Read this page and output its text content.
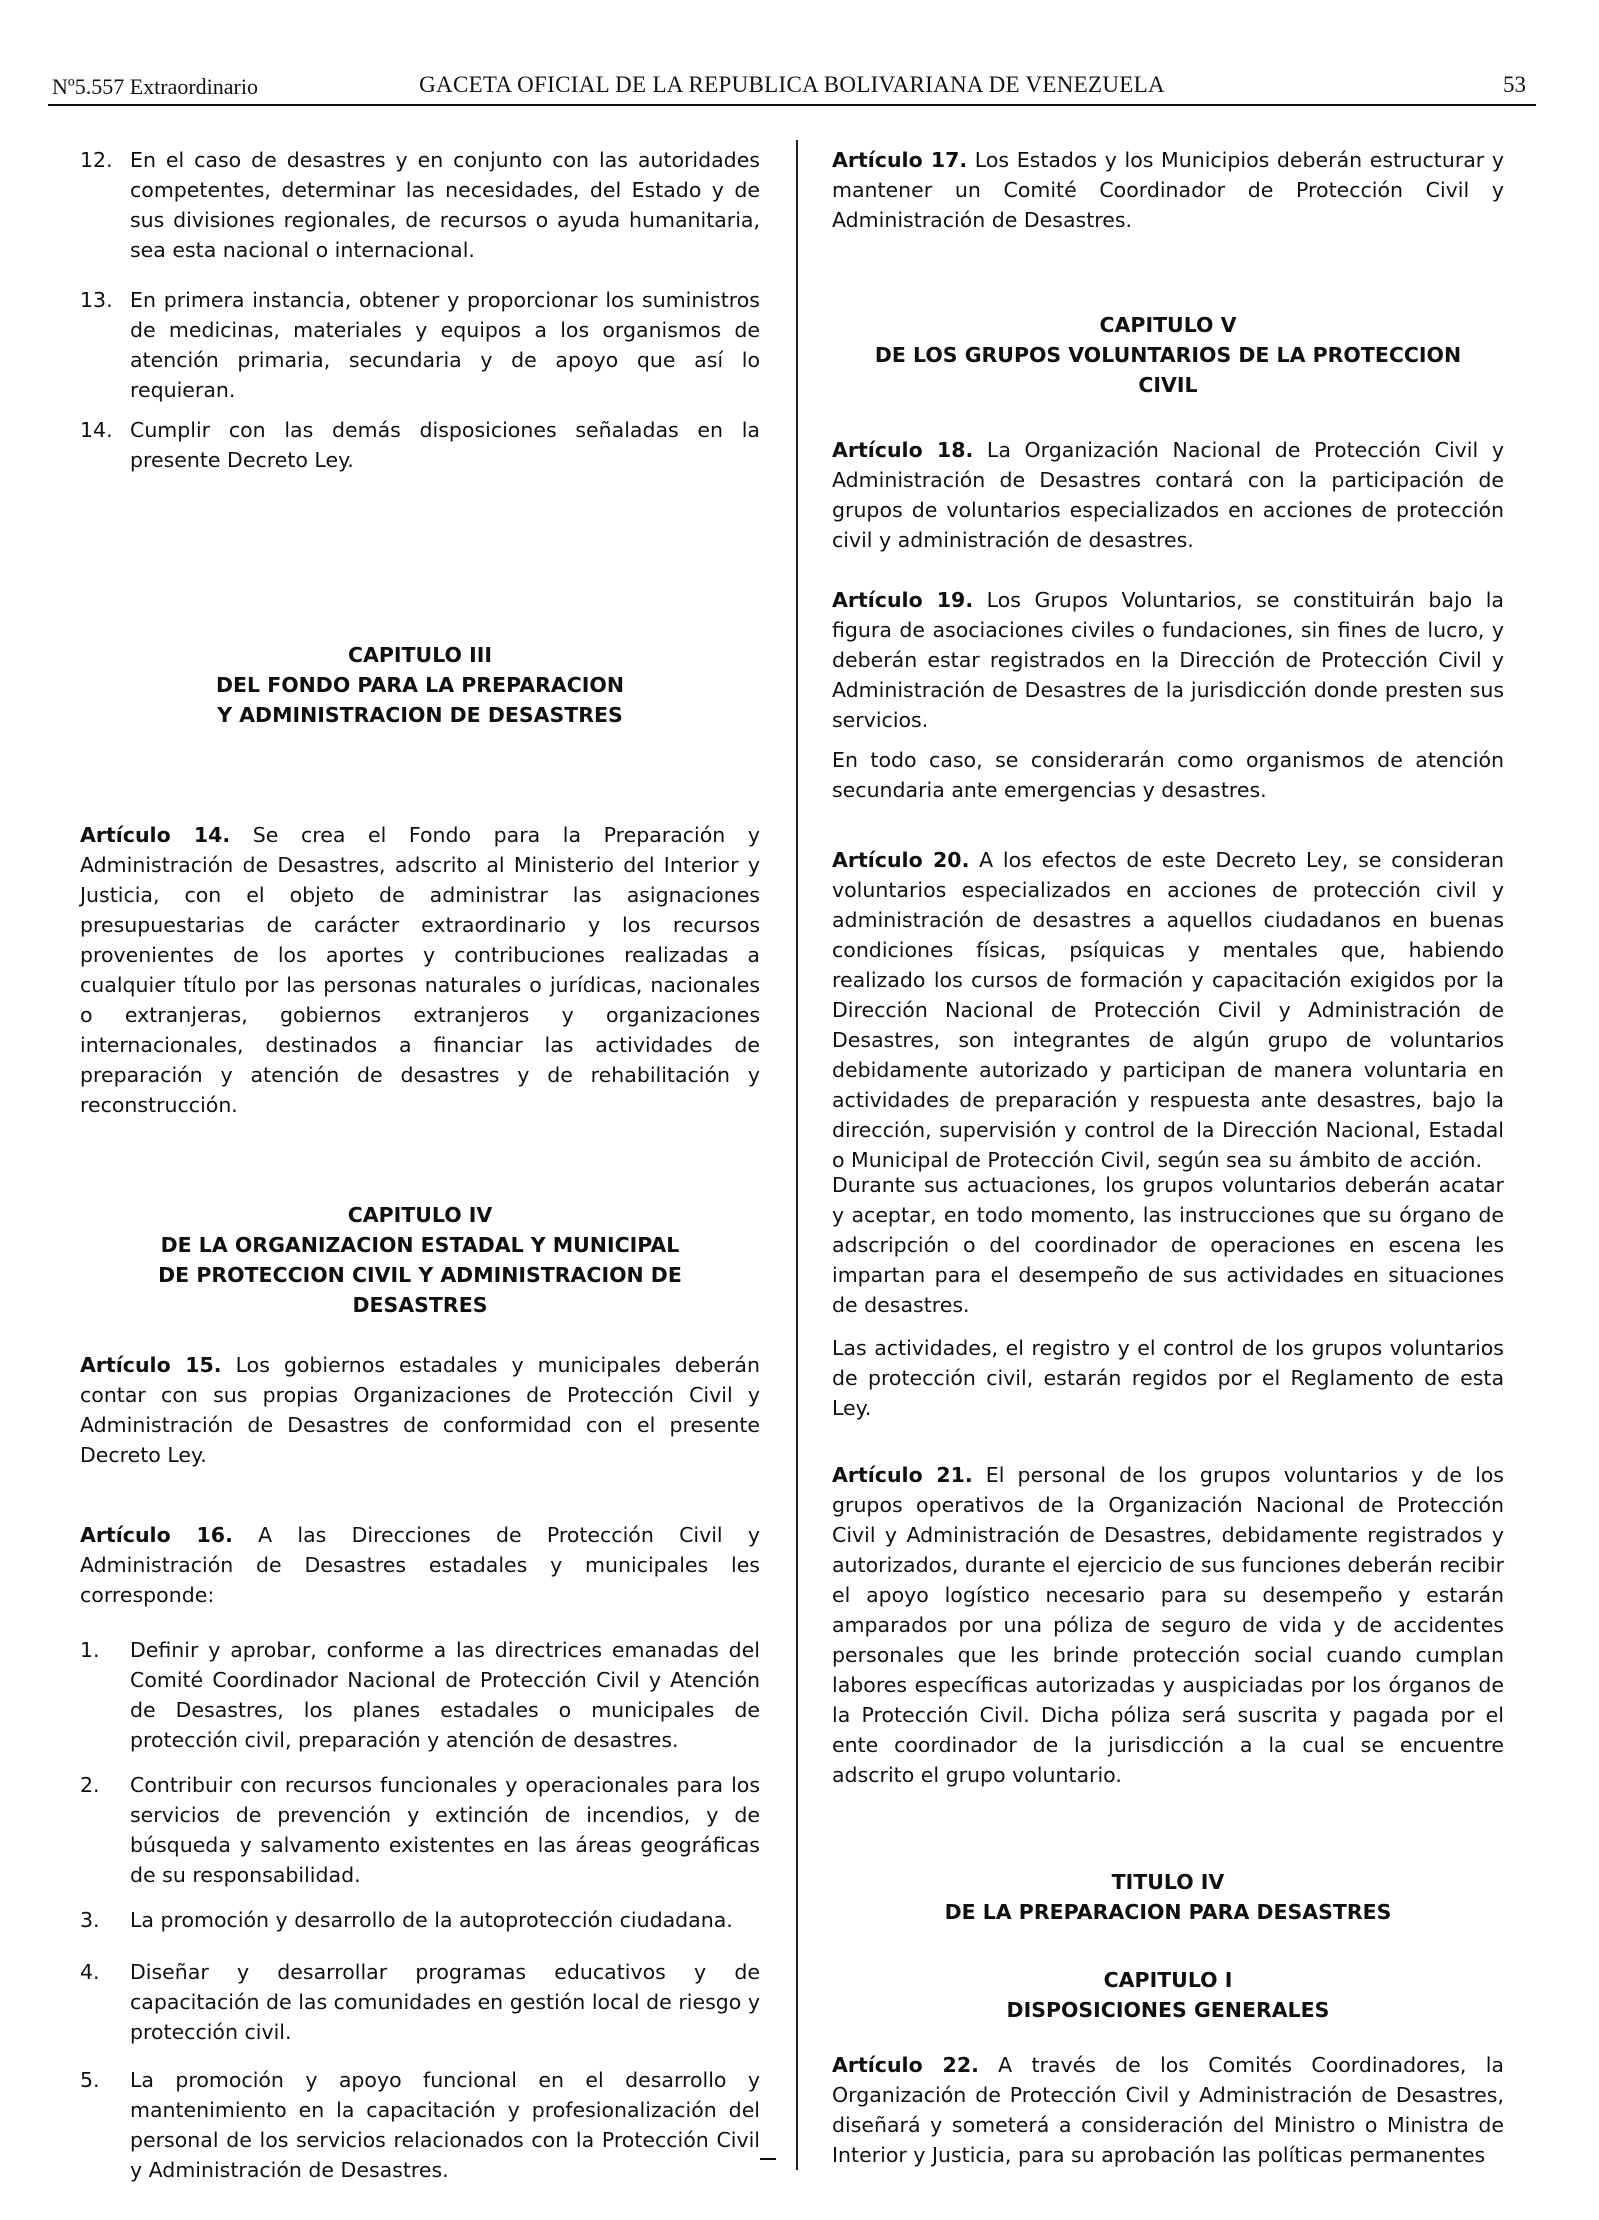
Nº5.557 Extraordinario	GACETA OFICIAL DE LA REPUBLICA BOLIVARIANA DE VENEZUELA	53
12. En el caso de desastres y en conjunto con las autoridades competentes, determinar las necesidades, del Estado y de sus divisiones regionales, de recursos o ayuda humanitaria, sea esta nacional o internacional.
13. En primera instancia, obtener y proporcionar los suministros de medicinas, materiales y equipos a los organismos de atención primaria, secundaria y de apoyo que así lo requieran.
14. Cumplir con las demás disposiciones señaladas en la presente Decreto Ley.
CAPITULO III
DEL FONDO PARA LA PREPARACION
Y ADMINISTRACION DE DESASTRES
Artículo 14. Se crea el Fondo para la Preparación y Administración de Desastres, adscrito al Ministerio del Interior y Justicia, con el objeto de administrar las asignaciones presupuestarias de carácter extraordinario y los recursos provenientes de los aportes y contribuciones realizadas a cualquier título por las personas naturales o jurídicas, nacionales o extranjeras, gobiernos extranjeros y organizaciones internacionales, destinados a financiar las actividades de preparación y atención de desastres y de rehabilitación y reconstrucción.
CAPITULO IV
DE LA ORGANIZACION ESTADAL Y MUNICIPAL
DE PROTECCION CIVIL Y ADMINISTRACION DE
DESASTRES
Artículo 15. Los gobiernos estadales y municipales deberán contar con sus propias Organizaciones de Protección Civil y Administración de Desastres de conformidad con el presente Decreto Ley.
Artículo 16. A las Direcciones de Protección Civil y Administración de Desastres estadales y municipales les corresponde:
1. Definir y aprobar, conforme a las directrices emanadas del Comité Coordinador Nacional de Protección Civil y Atención de Desastres, los planes estadales o municipales de protección civil, preparación y atención de desastres.
2. Contribuir con recursos funcionales y operacionales para los servicios de prevención y extinción de incendios, y de búsqueda y salvamento existentes en las áreas geográficas de su responsabilidad.
3. La promoción y desarrollo de la autoprotección ciudadana.
4. Diseñar y desarrollar programas educativos y de capacitación de las comunidades en gestión local de riesgo y protección civil.
5. La promoción y apoyo funcional en el desarrollo y mantenimiento en la capacitación y profesionalización del personal de los servicios relacionados con la Protección Civil y Administración de Desastres.
Artículo 17. Los Estados y los Municipios deberán estructurar y mantener un Comité Coordinador de Protección Civil y Administración de Desastres.
CAPITULO V
DE LOS GRUPOS VOLUNTARIOS DE LA PROTECCION
CIVIL
Artículo 18. La Organización Nacional de Protección Civil y Administración de Desastres contará con la participación de grupos de voluntarios especializados en acciones de protección civil y administración de desastres.
Artículo 19. Los Grupos Voluntarios, se constituirán bajo la figura de asociaciones civiles o fundaciones, sin fines de lucro, y deberán estar registrados en la Dirección de Protección Civil y Administración de Desastres de la jurisdicción donde presten sus servicios.
En todo caso, se considerarán como organismos de atención secundaria ante emergencias y desastres.
Artículo 20. A los efectos de este Decreto Ley, se consideran voluntarios especializados en acciones de protección civil y administración de desastres a aquellos ciudadanos en buenas condiciones físicas, psíquicas y mentales que, habiendo realizado los cursos de formación y capacitación exigidos por la Dirección Nacional de Protección Civil y Administración de Desastres, son integrantes de algún grupo de voluntarios debidamente autorizado y participan de manera voluntaria en actividades de preparación y respuesta ante desastres, bajo la dirección, supervisión y control de la Dirección Nacional, Estadal o Municipal de Protección Civil, según sea su ámbito de acción.
Durante sus actuaciones, los grupos voluntarios deberán acatar y aceptar, en todo momento, las instrucciones que su órgano de adscripción o del coordinador de operaciones en escena les impartan para el desempeño de sus actividades en situaciones de desastres.
Las actividades, el registro y el control de los grupos voluntarios de protección civil, estarán regidos por el Reglamento de esta Ley.
Artículo 21. El personal de los grupos voluntarios y de los grupos operativos de la Organización Nacional de Protección Civil y Administración de Desastres, debidamente registrados y autorizados, durante el ejercicio de sus funciones deberán recibir el apoyo logístico necesario para su desempeño y estarán amparados por una póliza de seguro de vida y de accidentes personales que les brinde protección social cuando cumplan labores específicas autorizadas y auspiciadas por los órganos de la Protección Civil. Dicha póliza será suscrita y pagada por el ente coordinador de la jurisdicción a la cual se encuentre adscrito el grupo voluntario.
TITULO IV
DE LA PREPARACION PARA DESASTRES
CAPITULO I
DISPOSICIONES GENERALES
Artículo 22. A través de los Comités Coordinadores, la Organización de Protección Civil y Administración de Desastres, diseñará y someterá a consideración del Ministro o Ministra de Interior y Justicia, para su aprobación las políticas permanentes
